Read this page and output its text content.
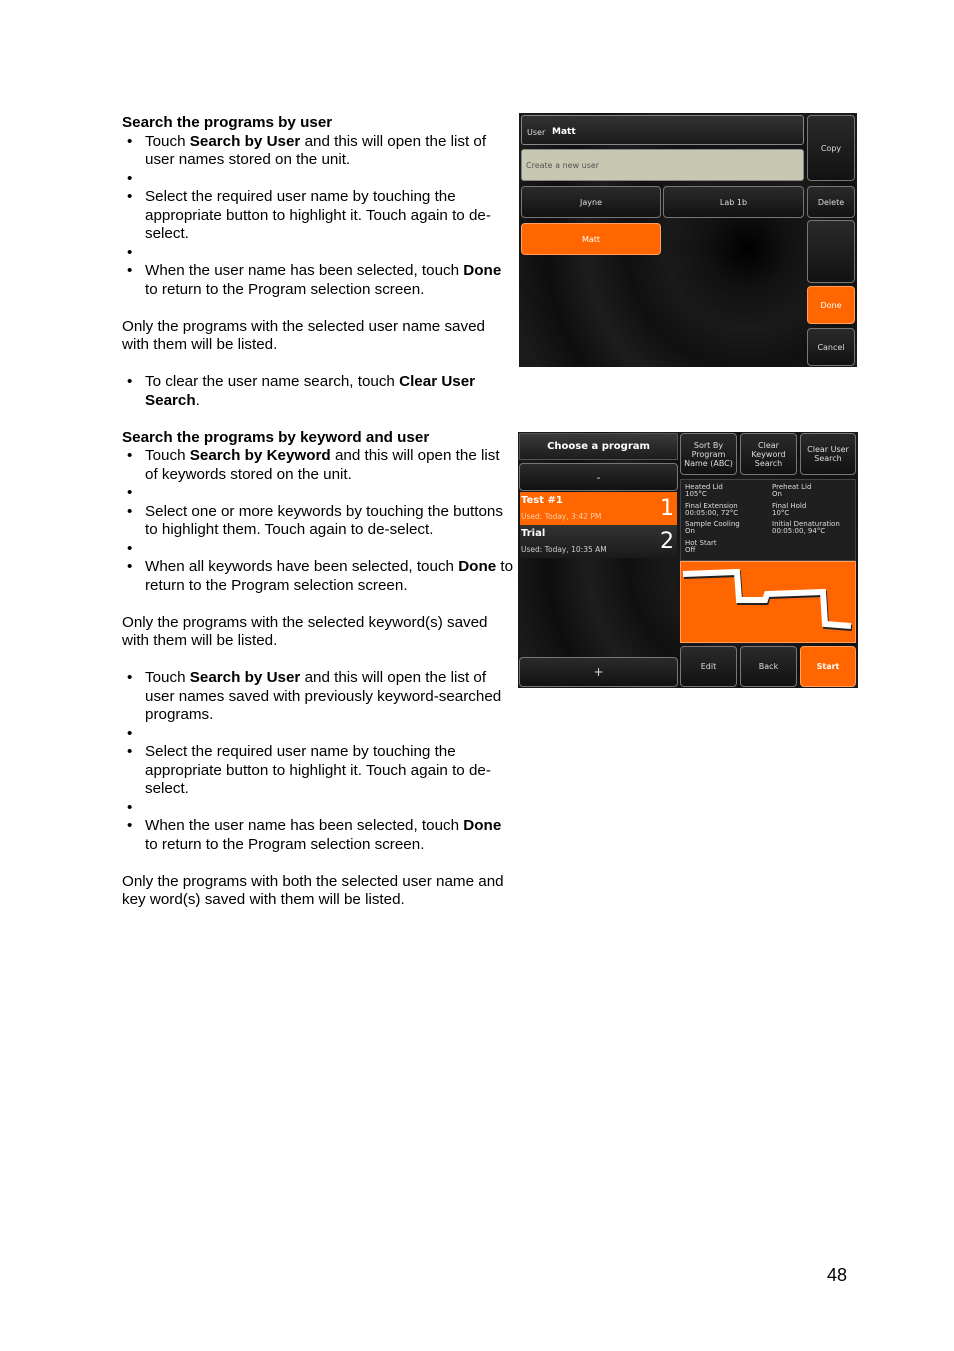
Search the programs by user

• Touch Search by User and this will open the list of user names stored on the unit.
•
• Select the required user name by touching the appropriate button to highlight it. Touch again to de-select.
•
• When the user name has been selected, touch Done to return to the Program selection screen.

Only the programs with the selected user name saved with them will be listed.

• To clear the user name search, touch Clear User Search.

Search the programs by keyword and user

• Touch Search by Keyword and this will open the list of keywords stored on the unit.
•
• Select one or more keywords by touching the buttons to highlight them. Touch again to de-select.
•
• When all keywords have been selected, touch Done to return to the Program selection screen.

Only the programs with the selected keyword(s) saved with them will be listed.

• Touch Search by User and this will open the list of user names saved with previously keyword-searched programs.
•
• Select the required user name by touching the appropriate button to highlight it. Touch again to de-select.
•
• When the user name has been selected, touch Done to return to the Program selection screen.

Only the programs with both the selected user name and key word(s) saved with them will be listed.

User Matt
Create a new user
Copy
Jayne	Lab 1b	Delete
Matt
Done
Cancel
Choose a program
-
Test #1
Used: Today, 3:42 PM	1
Trial
Used: Today, 10:35 AM 2
+
Sort By Program Name (ABC)
Clear Keyword Search
Clear User Search
Heated Lid
105°C
Preheat Lid
On
Final Extension
00:05:00, 72°C
Final Hold
10°C
Sample Cooling
On
Initial Denaturation
00:05:00, 94°C
Hot Start
Off
Edit	Back	Start
48
